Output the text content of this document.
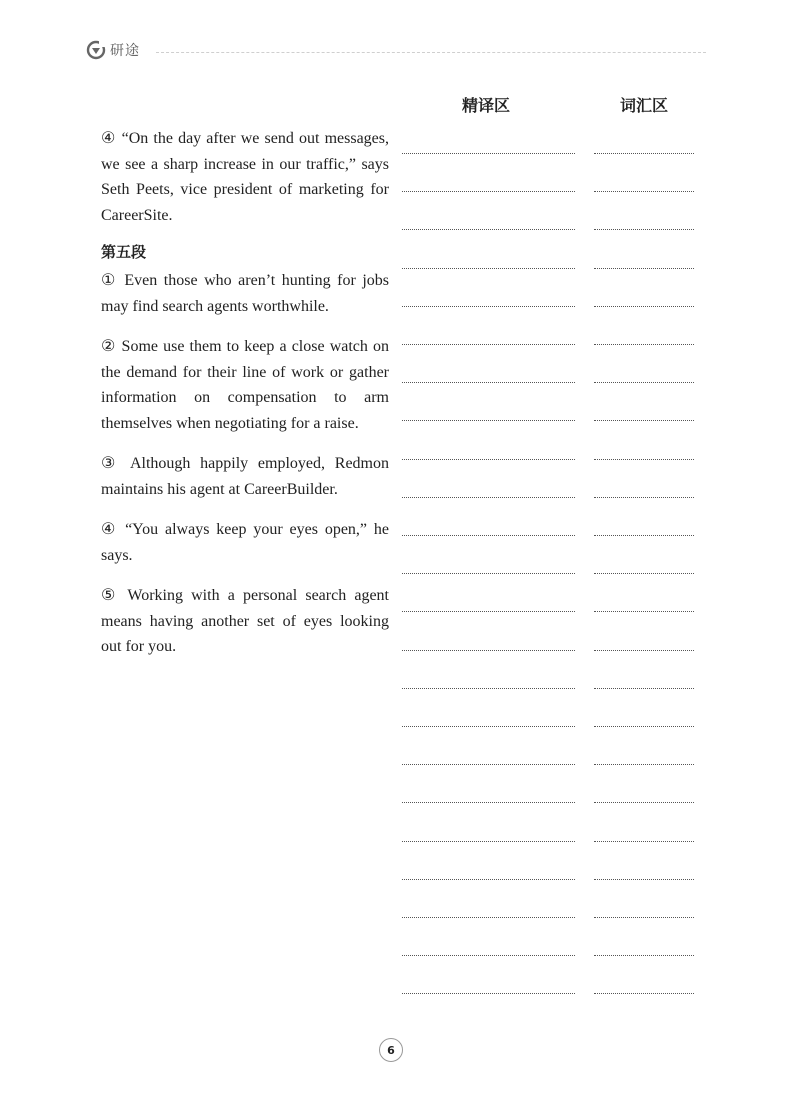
研途
精译区	词汇区

④ “On the day after we send out messages, we see a sharp increase in our traffic,” says Seth Peets, vice president of marketing for CareerSite.

第五段

① Even those who aren’t hunting for jobs may find search agents worthwhile.

② Some use them to keep a close watch on the demand for their line of work or gather information on compensation to arm themselves when negotiating for a raise.

③ Although happily employed, Redmon maintains his agent at CareerBuilder.

④ “You always keep your eyes open,” he says.

⑤ Working with a personal search agent means having another set of eyes looking out for you.

6
